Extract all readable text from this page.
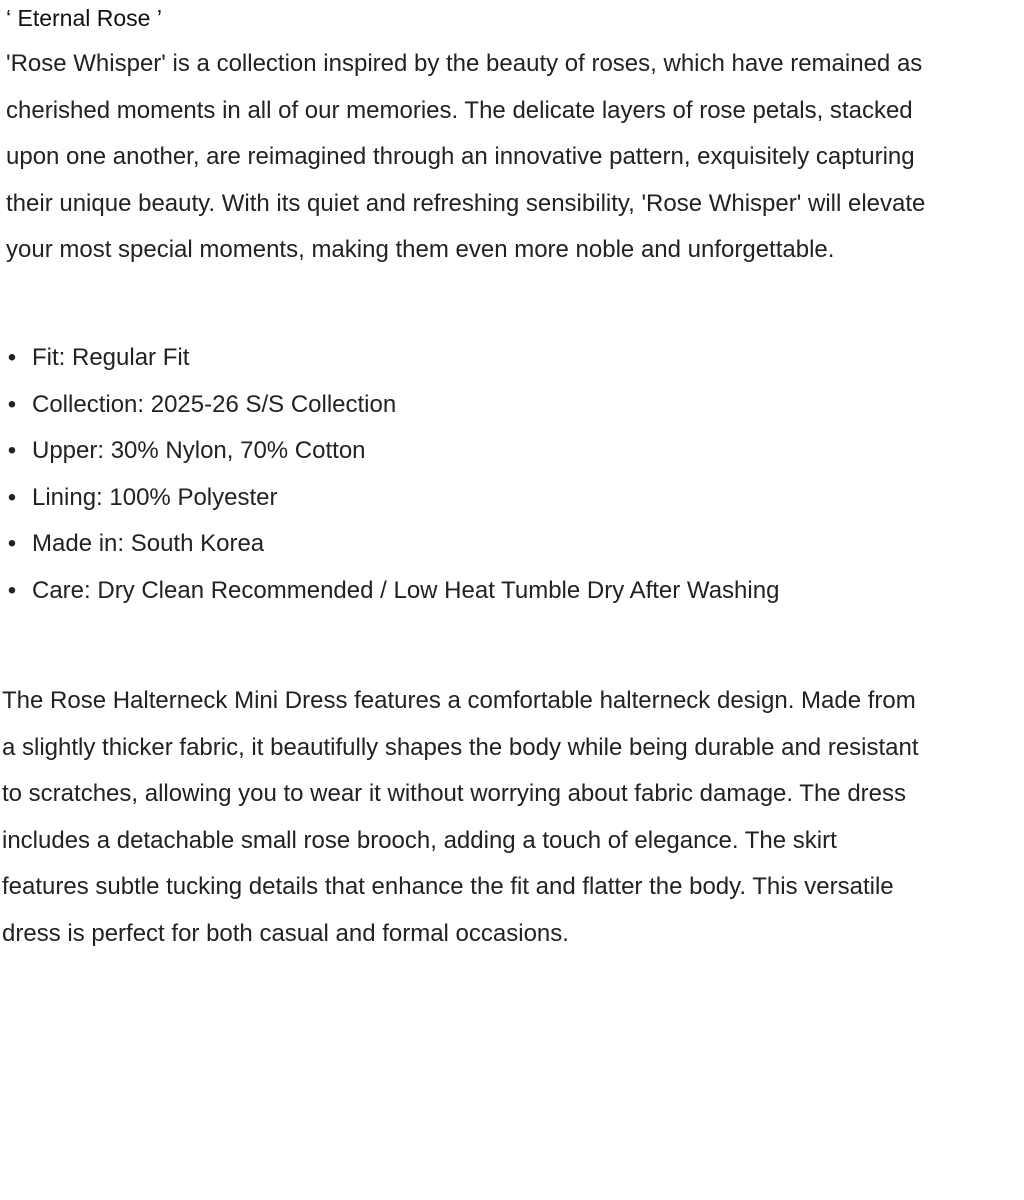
‘ Eternal Rose ’

'Rose Whisper' is a collection inspired by the beauty of roses, which have remained as
cherished moments in all of our memories. The delicate layers of rose petals, stacked
upon one another, are reimagined through an innovative pattern, exquisitely capturing
their unique beauty. With its quiet and refreshing sensibility, 'Rose Whisper' will elevate
your most special moments, making them even more noble and unforgettable.

• Fit: Regular Fit
• Collection: 2025-26 S/S Collection
• Upper: 30% Nylon, 70% Cotton
• Lining: 100% Polyester
• Made in: South Korea
• Care: Dry Clean Recommended / Low Heat Tumble Dry After Washing

The Rose Halterneck Mini Dress features a comfortable halterneck design. Made from
a slightly thicker fabric, it beautifully shapes the body while being durable and resistant
to scratches, allowing you to wear it without worrying about fabric damage. The dress
includes a detachable small rose brooch, adding a touch of elegance. The skirt
features subtle tucking details that enhance the fit and flatter the body. This versatile
dress is perfect for both casual and formal occasions.
